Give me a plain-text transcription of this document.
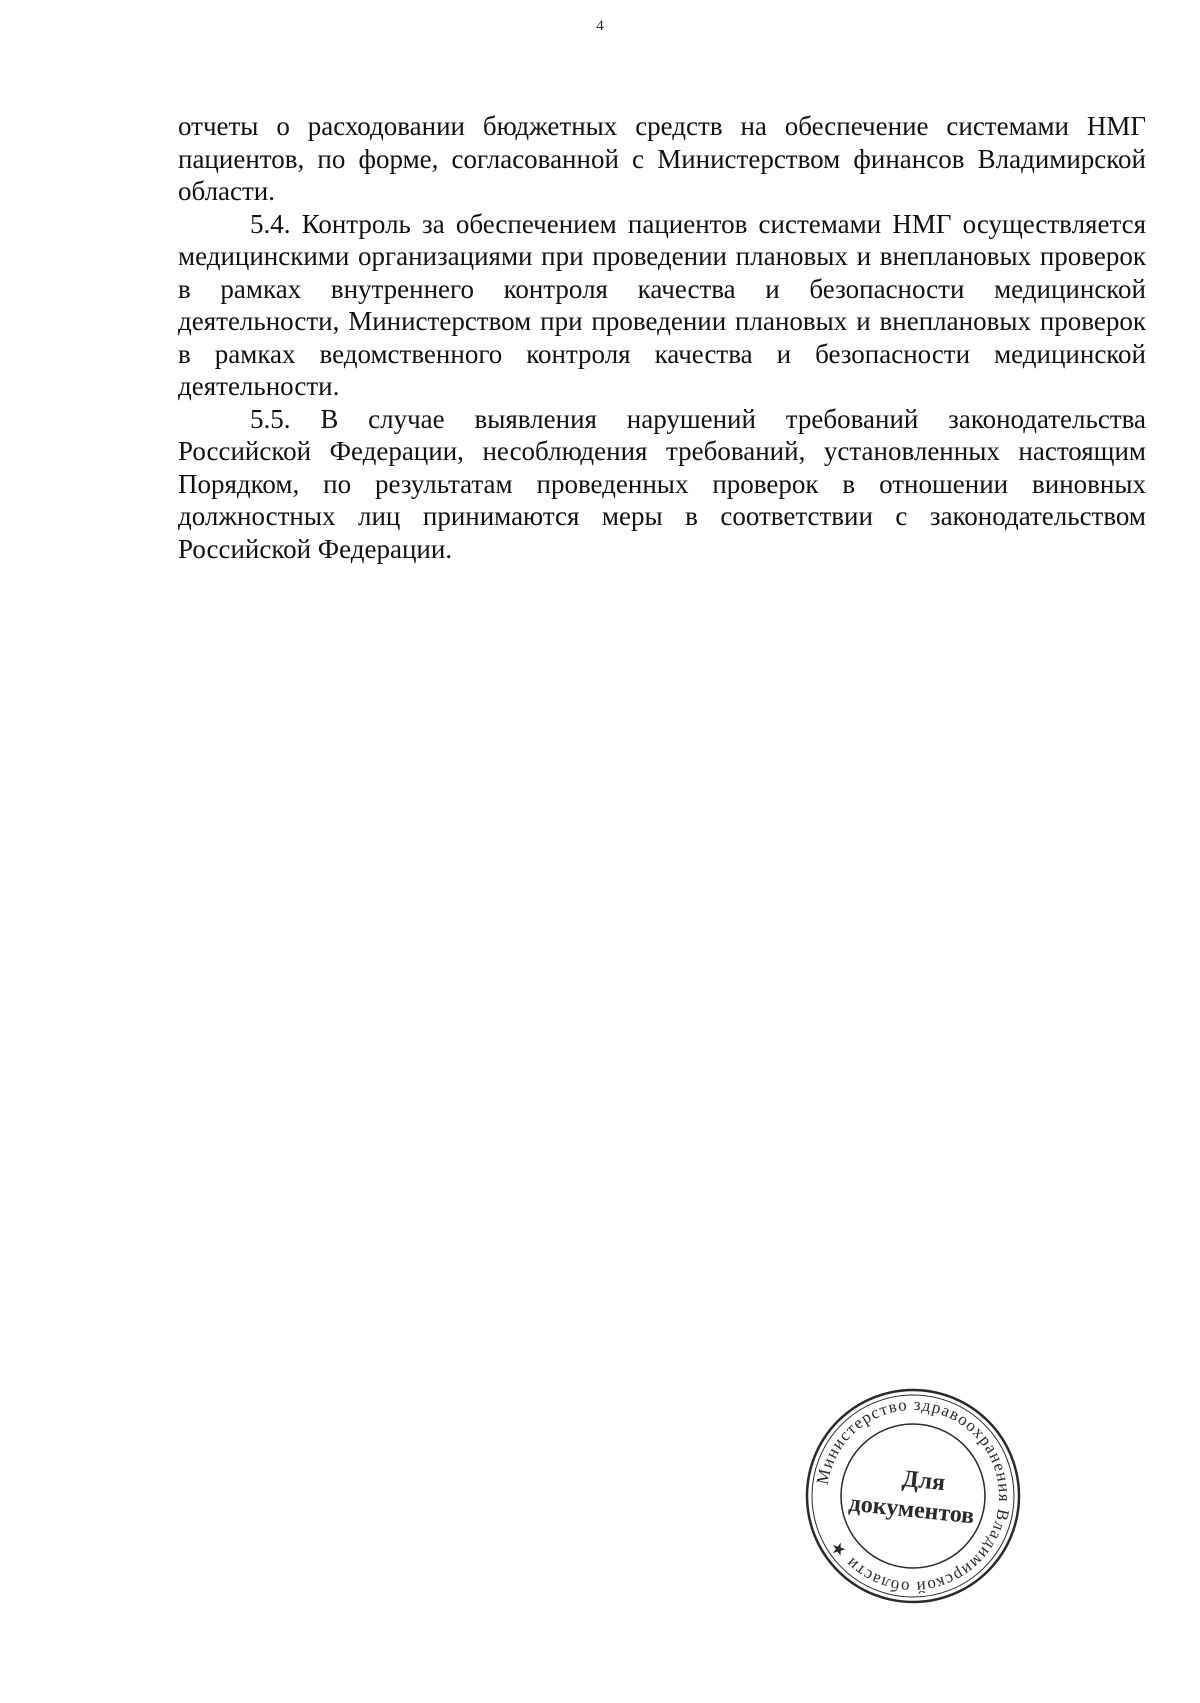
4

отчеты о расходовании бюджетных средств на обеспечение системами НМГ пациентов, по форме, согласованной с Министерством финансов Владимирской области.

5.4. Контроль за обеспечением пациентов системами НМГ осуществляется медицинскими организациями при проведении плановых и внеплановых проверок в рамках внутреннего контроля качества и безопасности медицинской деятельности, Министерством при проведении плановых и внеплановых проверок в рамках ведомственного контроля качества и безопасности медицинской деятельности.

5.5. В случае выявления нарушений требований законодательства Российской Федерации, несоблюдения требований, установленных настоящим Порядком, по результатам проведенных проверок в отношении виновных должностных лиц принимаются меры в соответствии с законодательством Российской Федерации.

Министерство здравоохранения Владимирской области ★
Для
документов
